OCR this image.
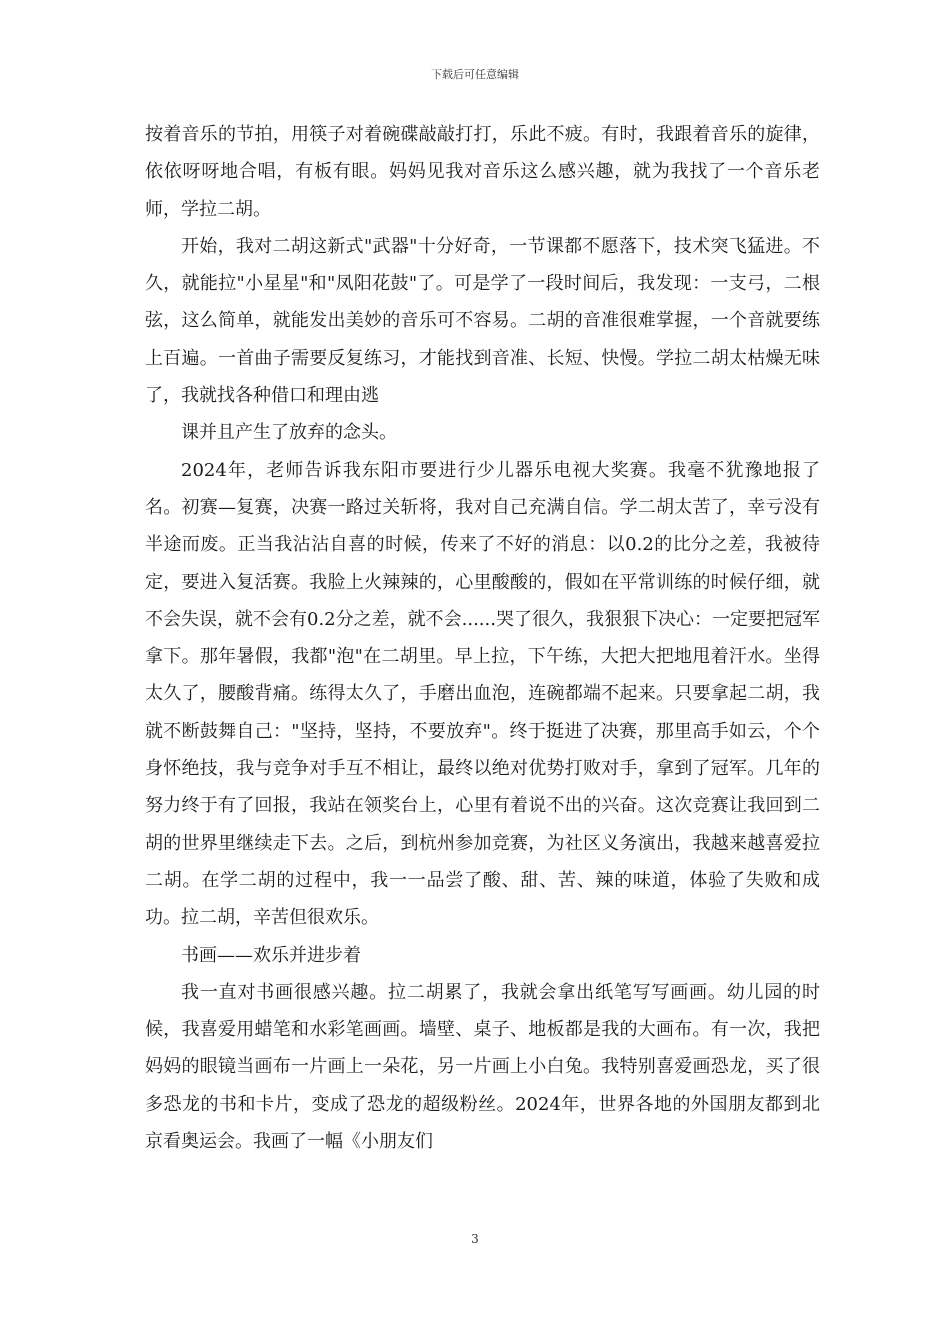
下载后可任意编辑

按着音乐的节拍，用筷子对着碗碟敲敲打打，乐此不疲。有时，我跟着音乐的旋律，依依呀呀地合唱，有板有眼。妈妈见我对音乐这么感兴趣，就为我找了一个音乐老师，学拉二胡。

开始，我对二胡这新式"武器"十分好奇，一节课都不愿落下，技术突飞猛进。不久，就能拉"小星星"和"凤阳花鼓"了。可是学了一段时间后，我发现：一支弓，二根弦，这么简单，就能发出美妙的音乐可不容易。二胡的音准很难掌握，一个音就要练上百遍。一首曲子需要反复练习，才能找到音准、长短、快慢。学拉二胡太枯燥无味了，我就找各种借口和理由逃

课并且产生了放弃的念头。

2024年，老师告诉我东阳市要进行少儿器乐电视大奖赛。我毫不犹豫地报了名。初赛—复赛，决赛一路过关斩将，我对自己充满自信。学二胡太苦了，幸亏没有半途而废。正当我沾沾自喜的时候，传来了不好的消息：以0.2的比分之差，我被待定，要进入复活赛。我脸上火辣辣的，心里酸酸的，假如在平常训练的时候仔细，就不会失误，就不会有0.2分之差，就不会......哭了很久，我狠狠下决心：一定要把冠军拿下。那年暑假，我都"泡"在二胡里。早上拉，下午练，大把大把地甩着汗水。坐得太久了，腰酸背痛。练得太久了，手磨出血泡，连碗都端不起来。只要拿起二胡，我就不断鼓舞自己："坚持，坚持，不要放弃"。终于挺进了决赛，那里高手如云，个个身怀绝技，我与竞争对手互不相让，最终以绝对优势打败对手，拿到了冠军。几年的努力终于有了回报，我站在领奖台上，心里有着说不出的兴奋。这次竞赛让我回到二胡的世界里继续走下去。之后，到杭州参加竞赛，为社区义务演出，我越来越喜爱拉二胡。在学二胡的过程中，我一一品尝了酸、甜、苦、辣的味道，体验了失败和成功。拉二胡，辛苦但很欢乐。

书画——欢乐并进步着

我一直对书画很感兴趣。拉二胡累了，我就会拿出纸笔写写画画。幼儿园的时候，我喜爱用蜡笔和水彩笔画画。墙壁、桌子、地板都是我的大画布。有一次，我把妈妈的眼镜当画布一片画上一朵花，另一片画上小白兔。我特别喜爱画恐龙，买了很多恐龙的书和卡片，变成了恐龙的超级粉丝。2024年，世界各地的外国朋友都到北京看奥运会。我画了一幅《小朋友们

3
